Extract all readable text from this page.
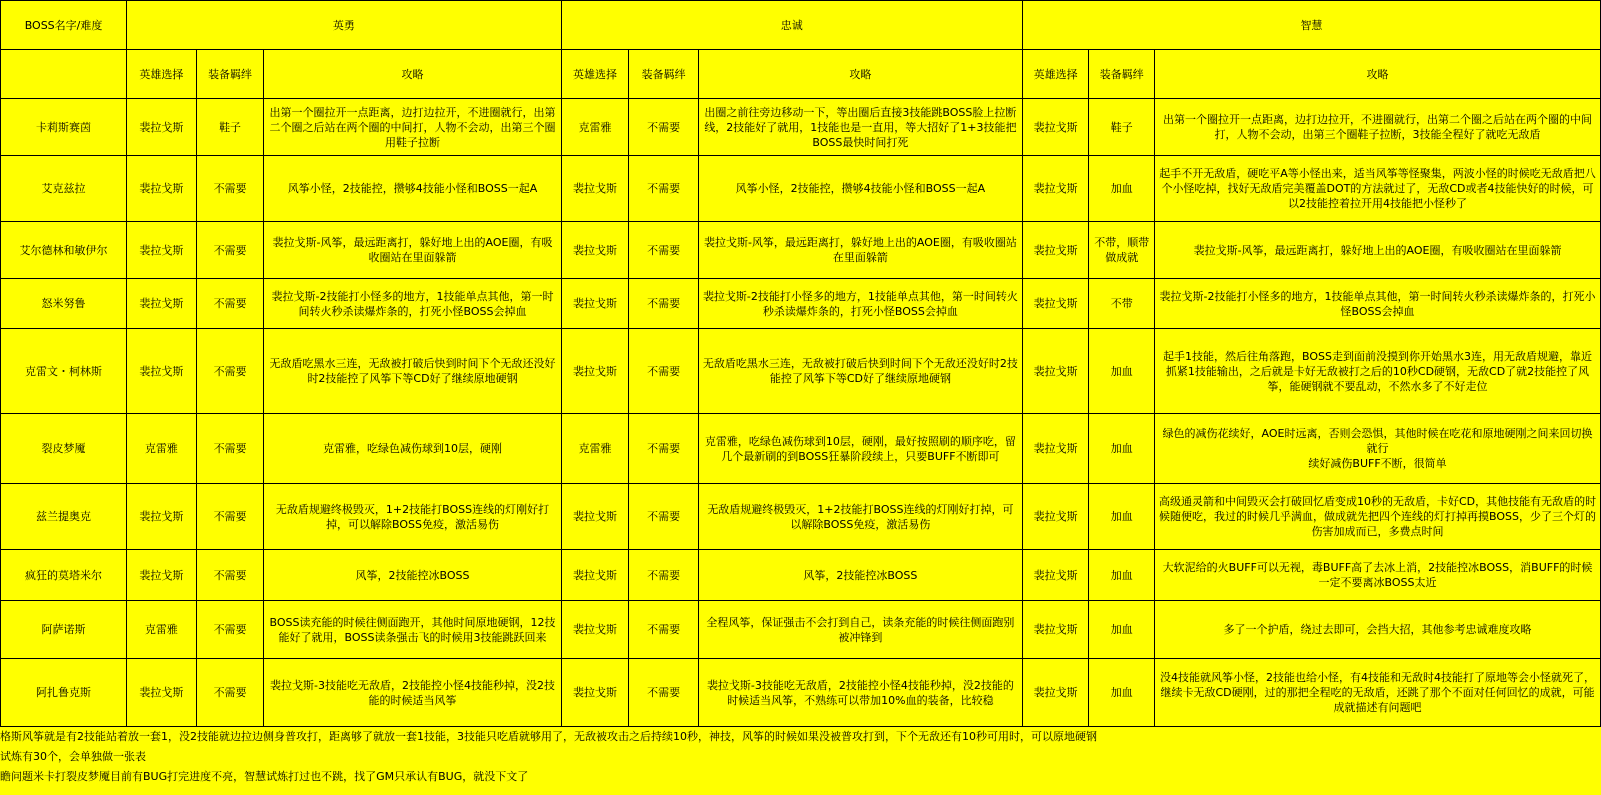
BOSS名字/难度	英勇			忠诚			智慧		
	英雄选择	装备羁绊	攻略	英雄选择	装备羁绊	攻略	英雄选择	装备羁绊	攻略
卡莉斯赛茵	裴拉戈斯	鞋子	出第一个圈拉开一点距离，边打边拉开，不进圈就行，出第二个圈之后站在两个圈的中间打，人物不会动，出第三个圈用鞋子拉断	克雷雅	不需要	出圈之前往旁边移动一下，等出圈后直接3技能跳BOSS脸上拉断线，2技能好了就用，1技能也是一直用，等大招好了1+3技能把BOSS最快时间打死	裴拉戈斯	鞋子	出第一个圈拉开一点距离，边打边拉开，不进圈就行，出第二个圈之后站在两个圈的中间打，人物不会动，出第三个圈鞋子拉断，3技能全程好了就吃无敌盾
艾克兹拉	裴拉戈斯	不需要	风筝小怪，2技能控，攒够4技能小怪和BOSS一起A	裴拉戈斯	不需要	风筝小怪，2技能控，攒够4技能小怪和BOSS一起A	裴拉戈斯	加血	起手不开无敌盾，硬吃平A等小怪出来，适当风筝等怪聚集，两波小怪的时候吃无敌盾把八个小怪吃掉，找好无敌盾完美覆盖DOT的方法就过了，无敌CD或者4技能快好的时候，可以2技能控着拉开用4技能把小怪秒了
艾尔德林和敏伊尔	裴拉戈斯	不需要	裴拉戈斯-风筝，最远距离打，躲好地上出的AOE圈，有吸收圈站在里面躲箭	裴拉戈斯	不需要	裴拉戈斯-风筝，最远距离打，躲好地上出的AOE圈，有吸收圈站在里面躲箭	裴拉戈斯	不带，顺带做成就	裴拉戈斯-风筝，最远距离打，躲好地上出的AOE圈，有吸收圈站在里面躲箭
怒米努鲁	裴拉戈斯	不需要	裴拉戈斯-2技能打小怪多的地方，1技能单点其他，第一时间转火秒杀读爆炸条的，打死小怪BOSS会掉血	裴拉戈斯	不需要	裴拉戈斯-2技能打小怪多的地方，1技能单点其他，第一时间转火秒杀读爆炸条的，打死小怪BOSS会掉血	裴拉戈斯	不带	裴拉戈斯-2技能打小怪多的地方，1技能单点其他，第一时间转火秒杀读爆炸条的，打死小怪BOSS会掉血
克雷文・柯林斯	裴拉戈斯	不需要	无敌盾吃黑水三连，无敌被打破后快到时间下个无敌还没好时2技能控了风筝下等CD好了继续原地硬钢	裴拉戈斯	不需要	无敌盾吃黑水三连，无敌被打破后快到时间下个无敌还没好时2技能控了风筝下等CD好了继续原地硬钢	裴拉戈斯	加血	起手1技能，然后往角落跑，BOSS走到面前没摸到你开始黑水3连，用无敌盾规避，靠近抓紧1技能输出，之后就是卡好无敌被打之后的10秒CD硬钢，无敌CD了就2技能控了风筝，能硬钢就不要乱动，不然水多了不好走位
裂皮梦魇	克雷雅	不需要	克雷雅，吃绿色减伤球到10层，硬刚	克雷雅	不需要	克雷雅，吃绿色减伤球到10层，硬刚，最好按照刷的顺序吃，留几个最新刷的到BOSS狂暴阶段续上，只要BUFF不断即可	裴拉戈斯	加血	绿色的减伤花续好，AOE时远离，否则会恐惧，其他时候在吃花和原地硬刚之间来回切换就行
续好减伤BUFF不断，很简单
兹兰提奥克	裴拉戈斯	不需要	无敌盾规避终极毁灭，1+2技能打BOSS连线的灯刚好打掉，可以解除BOSS免疫，激活易伤	裴拉戈斯	不需要	无敌盾规避终极毁灭，1+2技能打BOSS连线的灯刚好打掉，可以解除BOSS免疫，激活易伤	裴拉戈斯	加血	高级通灵箭和中间毁灭会打破回忆盾变成10秒的无敌盾，卡好CD，其他技能有无敌盾的时候随便吃，我过的时候几乎满血，做成就先把四个连线的灯打掉再摸BOSS，少了三个灯的伤害加成而已，多费点时间
疯狂的莫塔米尔	裴拉戈斯	不需要	风筝，2技能控冰BOSS	裴拉戈斯	不需要	风筝，2技能控冰BOSS	裴拉戈斯	加血	大软泥给的火BUFF可以无视，毒BUFF高了去冰上消，2技能控冰BOSS，消BUFF的时候一定不要离冰BOSS太近
阿萨诺斯	克雷雅	不需要	BOSS读充能的时候往侧面跑开，其他时间原地硬钢，12技能好了就用，BOSS读条强击飞的时候用3技能跳跃回来	裴拉戈斯	不需要	全程风筝，保证强击不会打到自己，读条充能的时候往侧面跑别被冲锋到	裴拉戈斯	加血	多了一个护盾，绕过去即可，会挡大招，其他参考忠诚难度攻略
阿扎鲁克斯	裴拉戈斯	不需要	裴拉戈斯-3技能吃无敌盾，2技能控小怪4技能秒掉，没2技能的时候适当风筝	裴拉戈斯	不需要	裴拉戈斯-3技能吃无敌盾，2技能控小怪4技能秒掉，没2技能的时候适当风筝，不熟练可以带加10%血的装备，比较稳	裴拉戈斯	加血	没4技能就风筝小怪，2技能也给小怪，有4技能和无敌时4技能打了原地等会小怪就死了，继续卡无敌CD硬刚，过的那把全程吃的无敌盾，还跳了那个不面对任何回忆的成就，可能成就描述有问题吧
格斯风筝就是有2技能站着放一套1，没2技能就边拉边侧身普攻打，距离够了就放一套1技能，3技能只吃盾就够用了，无敌被攻击之后持续10秒，神技，风筝的时候如果没被普攻打到，下个无敌还有10秒可用时，可以原地硬钢
试炼有30个，会单独做一张表
瞻问题米卡打裂皮梦魇目前有BUG打完进度不亮，智慧试炼打过也不跳，找了GM只承认有BUG，就没下文了
